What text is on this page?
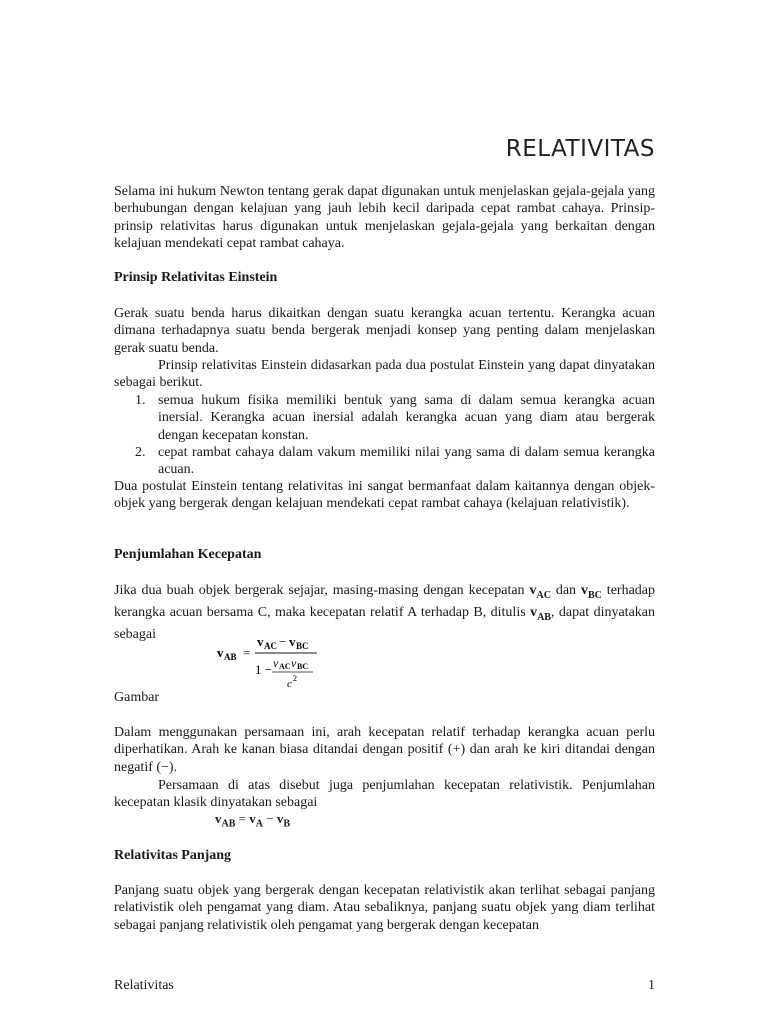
RELATIVITAS

Selama ini hukum Newton tentang gerak dapat digunakan untuk menjelaskan gejala-gejala yang berhubungan dengan kelajuan yang jauh lebih kecil daripada cepat rambat cahaya. Prinsip-prinsip relativitas harus digunakan untuk menjelaskan gejala-gejala yang berkaitan dengan kelajuan mendekati cepat rambat cahaya.

Prinsip Relativitas Einstein

Gerak suatu benda harus dikaitkan dengan suatu kerangka acuan tertentu. Kerangka acuan dimana terhadapnya suatu benda bergerak menjadi konsep yang penting dalam menjelaskan gerak suatu benda.

Prinsip relativitas Einstein didasarkan pada dua postulat Einstein yang dapat dinyatakan sebagai berikut.

1. semua hukum fisika memiliki bentuk yang sama di dalam semua kerangka acuan inersial. Kerangka acuan inersial adalah kerangka acuan yang diam atau bergerak dengan kecepatan konstan.
2. cepat rambat cahaya dalam vakum memiliki nilai yang sama di dalam semua kerangka acuan.

Dua postulat Einstein tentang relativitas ini sangat bermanfaat dalam kaitannya dengan objek-objek yang bergerak dengan kelajuan mendekati cepat rambat cahaya (kelajuan relativistik).

Penjumlahan Kecepatan

Jika dua buah objek bergerak sejajar, masing-masing dengan kecepatan $v_{AC}$ dan $v_{BC}$ terhadap kerangka acuan bersama C, maka kecepatan relatif A terhadap B, ditulis $v_{AB}$, dapat dinyatakan sebagai

v AB =
v AC − v BC
1 − v AC v BC
c 2

Gambar

Dalam menggunakan persamaan ini, arah kecepatan relatif terhadap kerangka acuan perlu diperhatikan. Arah ke kanan biasa ditandai dengan positif (+) dan arah ke kiri ditandai dengan negatif (−).

Persamaan di atas disebut juga penjumlahan kecepatan relativistik. Penjumlahan kecepatan klasik dinyatakan sebagai

$v_{AB} = v_A - v_B$

Relativitas Panjang

Panjang suatu objek yang bergerak dengan kecepatan relativistik akan terlihat sebagai panjang relativistik oleh pengamat yang diam. Atau sebaliknya, panjang suatu objek yang diam terlihat sebagai panjang relativistik oleh pengamat yang bergerak dengan kecepatan

Relativitas	1
